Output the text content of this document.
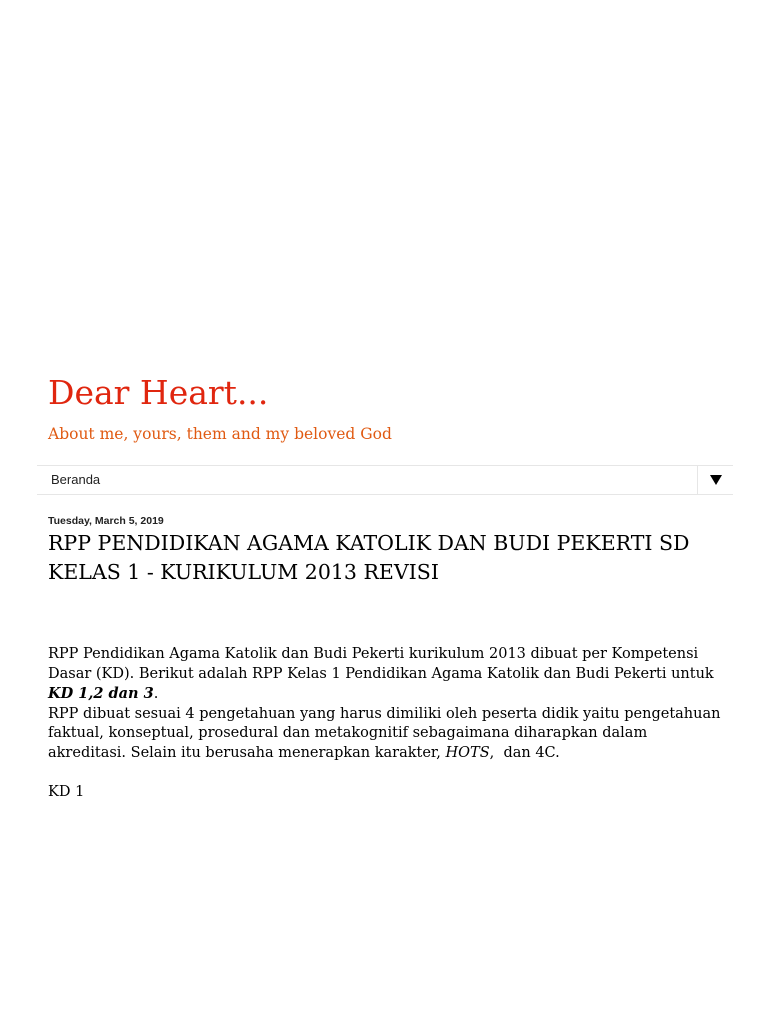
Dear Heart...
About me, yours, them and my beloved God
Beranda
Tuesday, March 5, 2019
RPP PENDIDIKAN AGAMA KATOLIK DAN BUDI PEKERTI SD KELAS 1 - KURIKULUM 2013 REVISI

RPP Pendidikan Agama Katolik dan Budi Pekerti kurikulum 2013 dibuat per Kompetensi Dasar (KD). Berikut adalah RPP Kelas 1 Pendidikan Agama Katolik dan Budi Pekerti untuk KD 1,2 dan 3.

RPP dibuat sesuai 4 pengetahuan yang harus dimiliki oleh peserta didik yaitu pengetahuan faktual, konseptual, prosedural dan metakognitif sebagaimana diharapkan dalam akreditasi. Selain itu berusaha menerapkan karakter, HOTS,  dan 4C.

KD 1
